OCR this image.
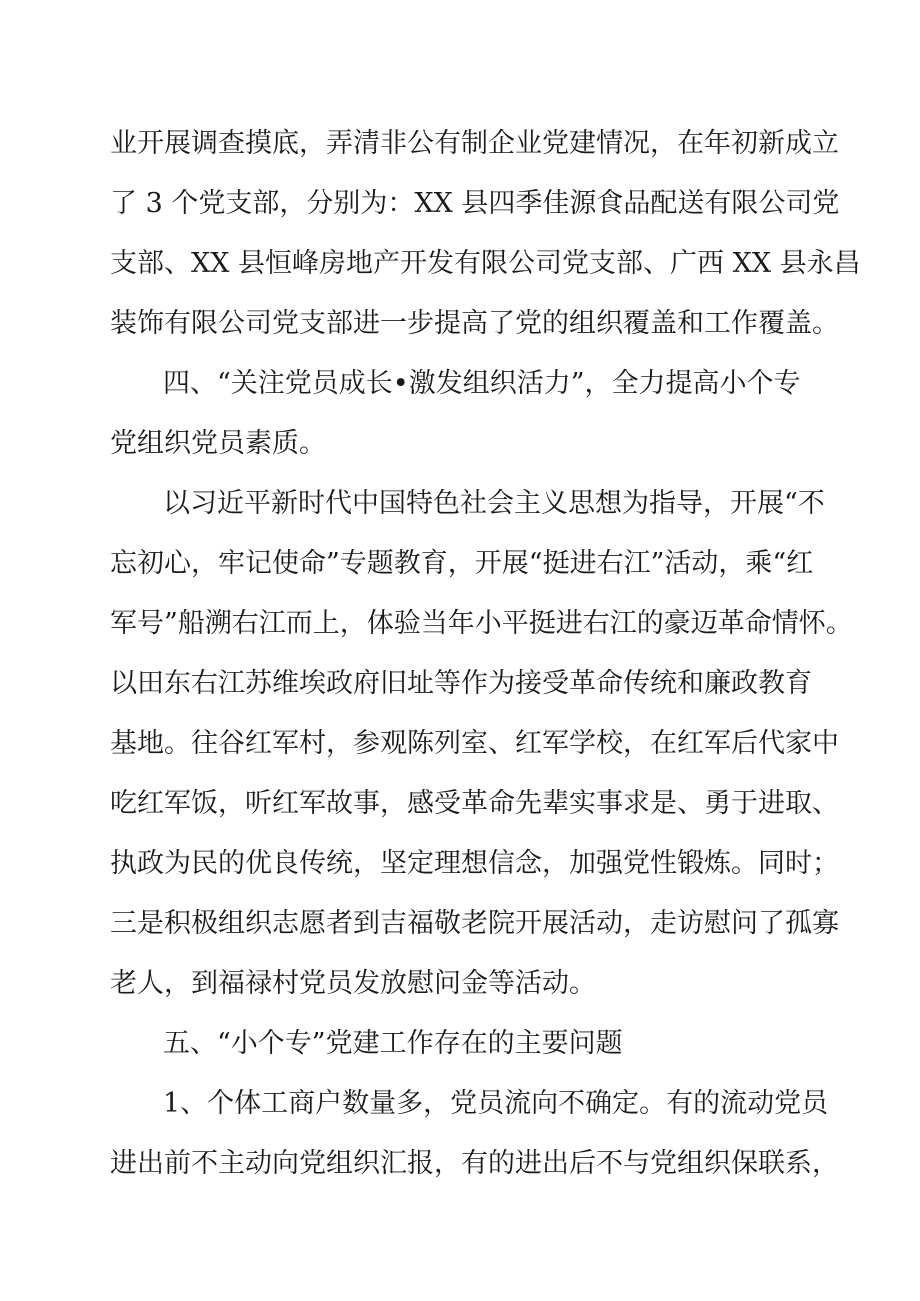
业开展调查摸底，弄清非公有制企业党建情况，在年初新成立

了 3 个党支部，分别为：XX 县四季佳源食品配送有限公司党

支部、XX 县恒峰房地产开发有限公司党支部、广西 XX 县永昌

装饰有限公司党支部进一步提高了党的组织覆盖和工作覆盖。

四、“关注党员成长•激发组织活力”，全力提高小个专

党组织党员素质。

以习近平新时代中国特色社会主义思想为指导，开展“不

忘初心，牢记使命”专题教育，开展“挺进右江”活动，乘“红

军号”船溯右江而上，体验当年小平挺进右江的豪迈革命情怀。

以田东右江苏维埃政府旧址等作为接受革命传统和廉政教育

基地。往谷红军村，参观陈列室、红军学校，在红军后代家中

吃红军饭，听红军故事，感受革命先辈实事求是、勇于进取、

执政为民的优良传统，坚定理想信念，加强党性锻炼。同时；

三是积极组织志愿者到吉福敬老院开展活动，走访慰问了孤寡

老人，到福禄村党员发放慰问金等活动。

五、“小个专”党建工作存在的主要问题

1、个体工商户数量多，党员流向不确定。有的流动党员

进出前不主动向党组织汇报，有的进出后不与党组织保联系，
